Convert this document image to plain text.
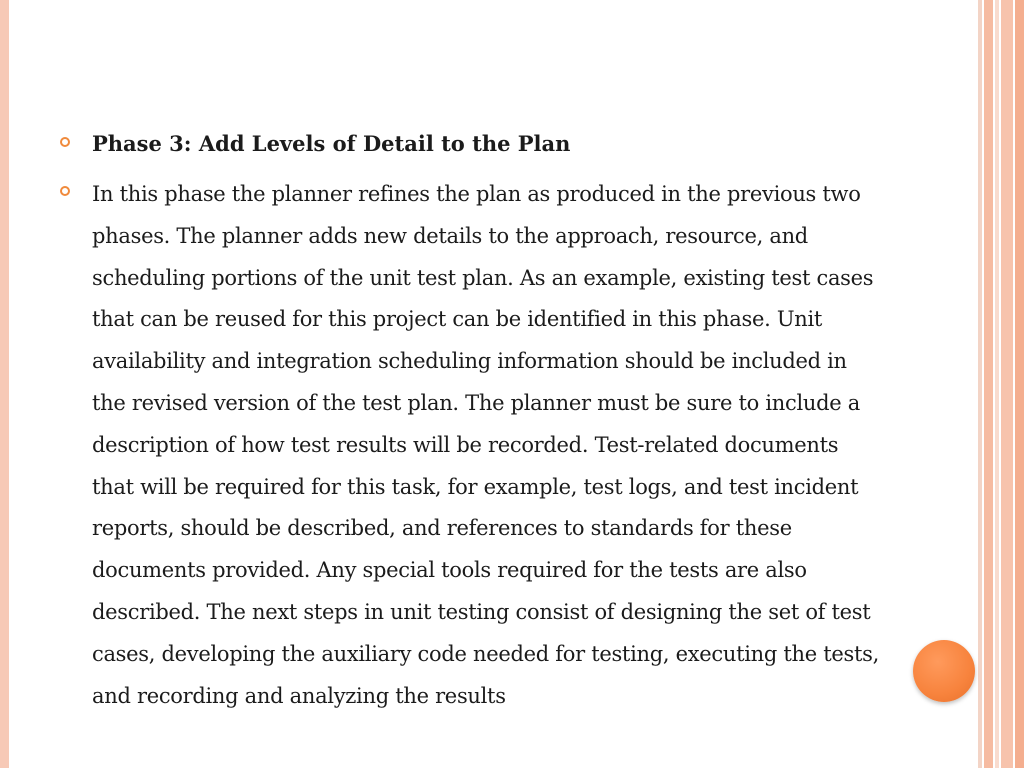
Phase 3: Add Levels of Detail to the Plan
In this phase the planner refines the plan as produced in the previous two phases. The planner adds new details to the approach, resource, and scheduling portions of the unit test plan. As an example, existing test cases that can be reused for this project can be identified in this phase. Unit availability and integration scheduling information should be included in the revised version of the test plan. The planner must be sure to include a description of how test results will be recorded. Test-related documents that will be required for this task, for example, test logs, and test incident reports, should be described, and references to standards for these documents provided. Any special tools required for the tests are also described. The next steps in unit testing consist of designing the set of test cases, developing the auxiliary code needed for testing, executing the tests, and recording and analyzing the results
